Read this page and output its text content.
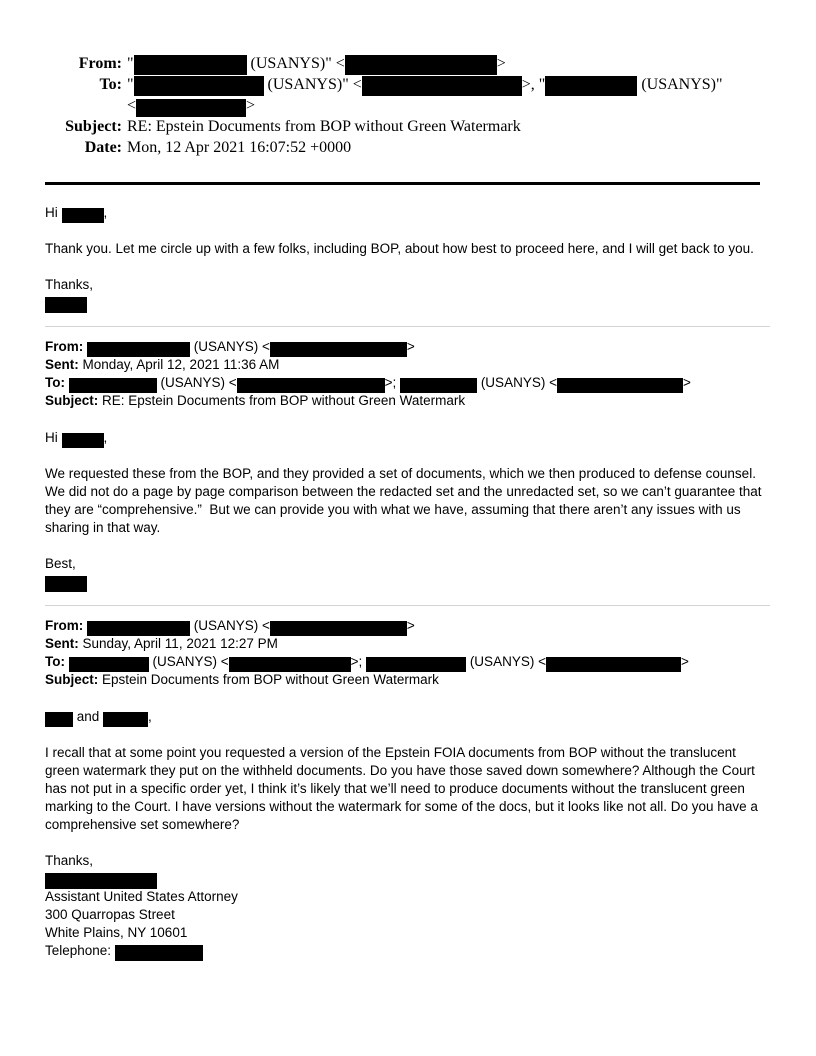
From: "	(USANYS)" <	>
To: "	(USANYS)" <	>, "	(USANYS)"
<	>
Subject: RE: Epstein Documents from BOP without Green Watermark
Date: Mon, 12 Apr 2021 16:07:52 +0000
Hi	,
Thank you. Let me circle up with a few folks, including BOP, about how best to proceed here, and I will get back to you.
Thanks,
From:	(USANYS) <	>
Sent: Monday, April 12, 2021 11:36 AM
To:	(USANYS) <	>;	(USANYS) <	>
Subject: RE: Epstein Documents from BOP without Green Watermark
Hi	,
We requested these from the BOP, and they provided a set of documents, which we then produced to defense counsel. We did not do a page by page comparison between the redacted set and the unredacted set, so we can’t guarantee that they are “comprehensive.”  But we can provide you with what we have, assuming that there aren’t any issues with us sharing in that way.
Best,
From:	(USANYS) <	>
Sent: Sunday, April 11, 2021 12:27 PM
To:	(USANYS) <	>;	(USANYS) <	>
Subject: Epstein Documents from BOP without Green Watermark
and	,
I recall that at some point you requested a version of the Epstein FOIA documents from BOP without the translucent green watermark they put on the withheld documents. Do you have those saved down somewhere? Although the Court has not put in a specific order yet, I think it’s likely that we’ll need to produce documents without the translucent green marking to the Court. I have versions without the watermark for some of the docs, but it looks like not all. Do you have a comprehensive set somewhere?
Thanks,
Assistant United States Attorney
300 Quarropas Street
White Plains, NY 10601
Telephone:
